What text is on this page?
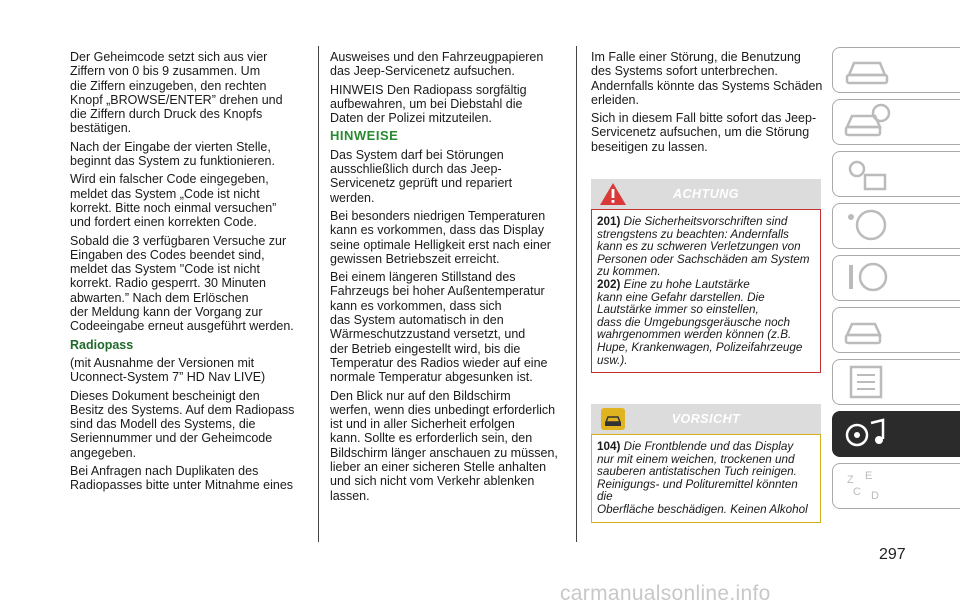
Der Geheimcode setzt sich aus vier
Ziffern von 0 bis 9 zusammen. Um
die Ziffern einzugeben, den rechten
Knopf „BROWSE/ENTER” drehen und
die Ziffern durch Druck des Knopfs
bestätigen.

Nach der Eingabe der vierten Stelle,
beginnt das System zu funktionieren.

Wird ein falscher Code eingegeben,
meldet das System „Code ist nicht
korrekt. Bitte noch einmal versuchen”
und fordert einen korrekten Code.

Sobald die 3 verfügbaren Versuche zur
Eingaben des Codes beendet sind,
meldet das System "Code ist nicht
korrekt. Radio gesperrt. 30 Minuten
abwarten.” Nach dem Erlöschen
der Meldung kann der Vorgang zur
Codeeingabe erneut ausgeführt werden.

Radiopass

(mit Ausnahme der Versionen mit
Uconnect-System 7” HD Nav LIVE)

Dieses Dokument bescheinigt den
Besitz des Systems. Auf dem Radiopass
sind das Modell des Systems, die
Seriennummer und der Geheimcode
angegeben.

Bei Anfragen nach Duplikaten des
Radiopasses bitte unter Mitnahme eines

Ausweises und den Fahrzeugpapieren
das Jeep-Servicenetz aufsuchen.

HINWEIS Den Radiopass sorgfältig
aufbewahren, um bei Diebstahl die
Daten der Polizei mitzuteilen.

HINWEISE

Das System darf bei Störungen
ausschließlich durch das Jeep-
Servicenetz geprüft und repariert
werden.

Bei besonders niedrigen Temperaturen
kann es vorkommen, dass das Display
seine optimale Helligkeit erst nach einer
gewissen Betriebszeit erreicht.

Bei einem längeren Stillstand des
Fahrzeugs bei hoher Außentemperatur
kann es vorkommen, dass sich
das System automatisch in den
Wärmeschutzzustand versetzt, und
der Betrieb eingestellt wird, bis die
Temperatur des Radios wieder auf eine
normale Temperatur abgesunken ist.

Den Blick nur auf den Bildschirm
werfen, wenn dies unbedingt erforderlich
ist und in aller Sicherheit erfolgen
kann. Sollte es erforderlich sein, den
Bildschirm länger anschauen zu müssen,
lieber an einer sicheren Stelle anhalten
und sich nicht vom Verkehr ablenken
lassen.

Im Falle einer Störung, die Benutzung
des Systems sofort unterbrechen.
Andernfalls könnte das Systems Schäden
erleiden.

Sich in diesem Fall bitte sofort das Jeep-
Servicenetz aufsuchen, um die Störung
beseitigen zu lassen.

ACHTUNG

201) Die Sicherheitsvorschriften sind
strengstens zu beachten: Andernfalls
kann es zu schweren Verletzungen von
Personen oder Sachschäden am System
zu kommen.

202) Eine zu hohe Lautstärke
kann eine Gefahr darstellen. Die
Lautstärke immer so einstellen,
dass die Umgebungsgeräusche noch
wahrgenommen werden können (z.B.
Hupe, Krankenwagen, Polizeifahrzeuge
usw.).

VORSICHT

104) Die Frontblende und das Display
nur mit einem weichen, trockenen und
sauberen antistatischen Tuch reinigen.
Reinigungs- und Polituremittel könnten die
Oberfläche beschädigen. Keinen Alkohol

Z E
C D
297
carmanualsonline.info
